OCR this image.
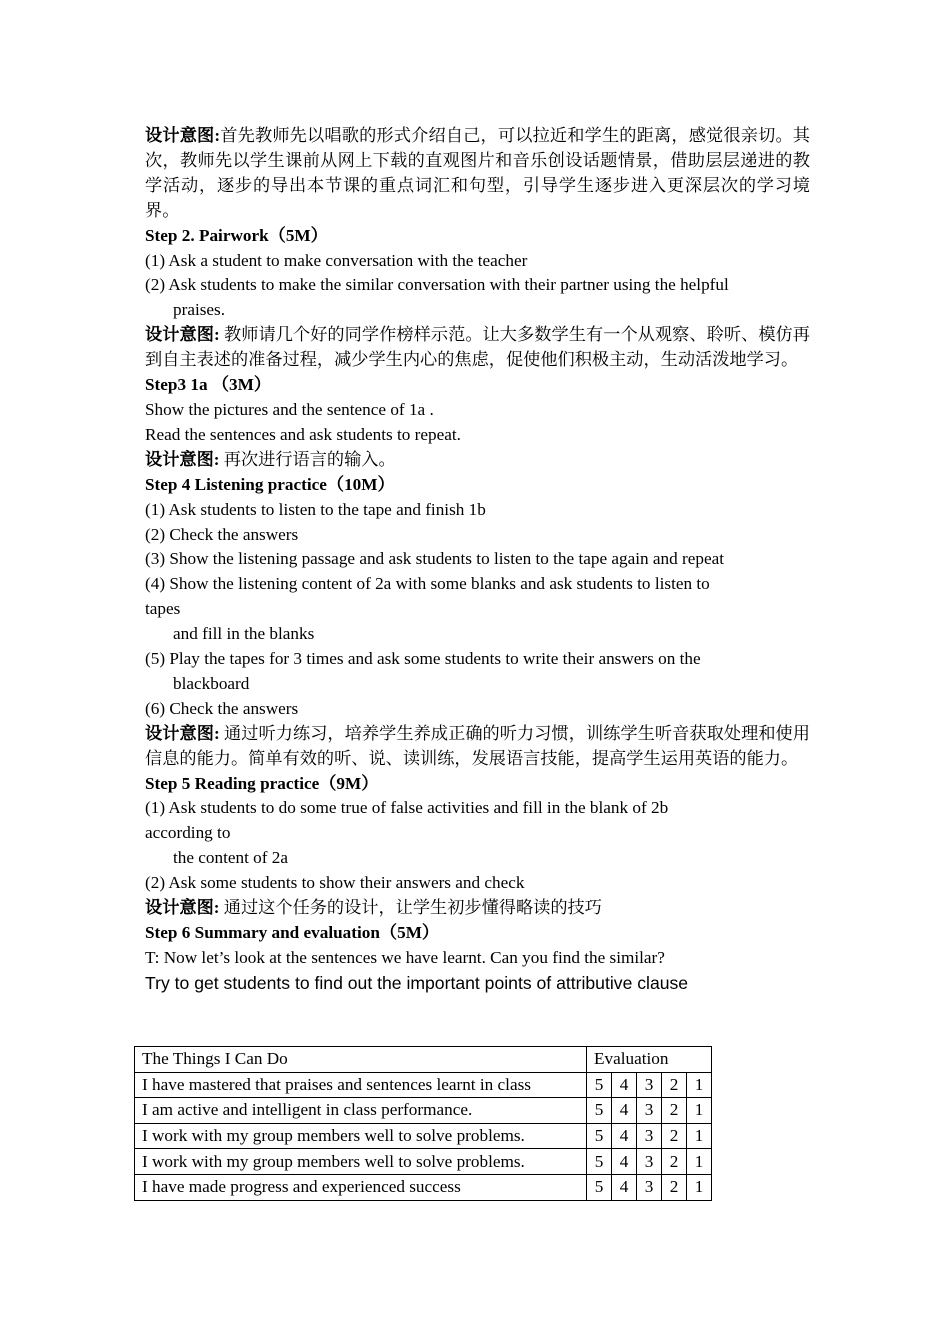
设计意图:首先教师先以唱歌的形式介绍自己，可以拉近和学生的距离，感觉很亲切。其次，教师先以学生课前从网上下载的直观图片和音乐创设话题情景，借助层层递进的教学活动，逐步的导出本节课的重点词汇和句型，引导学生逐步进入更深层次的学习境界。
Step 2. Pairwork（5M）
(1) Ask a student to make conversation with the teacher
(2) Ask students to make the similar conversation with their partner using the helpful
praises.
设计意图: 教师请几个好的同学作榜样示范。让大多数学生有一个从观察、聆听、模仿再到自主表述的准备过程，减少学生内心的焦虑，促使他们积极主动，生动活泼地学习。
Step3 1a （3M）
Show the pictures and the sentence of 1a .
Read the sentences and ask students to repeat.
设计意图: 再次进行语言的输入。
Step 4 Listening practice（10M）
(1) Ask students to listen to the tape and finish 1b
(2) Check the answers
(3) Show the listening passage and ask students to listen to the tape again and repeat
(4) Show the listening content of 2a with some blanks and ask students to listen to
tapes
and fill in the blanks
(5) Play the tapes for 3 times and ask some students to write their answers on the
blackboard
(6) Check the answers
设计意图: 通过听力练习，培养学生养成正确的听力习惯，训练学生听音获取处理和使用信息的能力。简单有效的听、说、读训练，发展语言技能，提高学生运用英语的能力。
Step 5 Reading practice（9M）
(1) Ask students to do some true of false activities and fill in the blank of 2b
according to
the content of 2a
(2) Ask some students to show their answers and check
设计意图: 通过这个任务的设计，让学生初步懂得略读的技巧
Step 6 Summary and evaluation（5M）
T: Now let’s look at the sentences we have learnt. Can you find the similar?
Try to get students to find out the important points of attributive clause
The Things I Can Do	Evaluation				
I have mastered that praises and sentences learnt in class	5	4	3	2	1
I am active and intelligent in class performance.	5	4	3	2	1
I work with my group members well to solve problems.	5	4	3	2	1
I work with my group members well to solve problems.	5	4	3	2	1
I have made progress and experienced success	5	4	3	2	1
